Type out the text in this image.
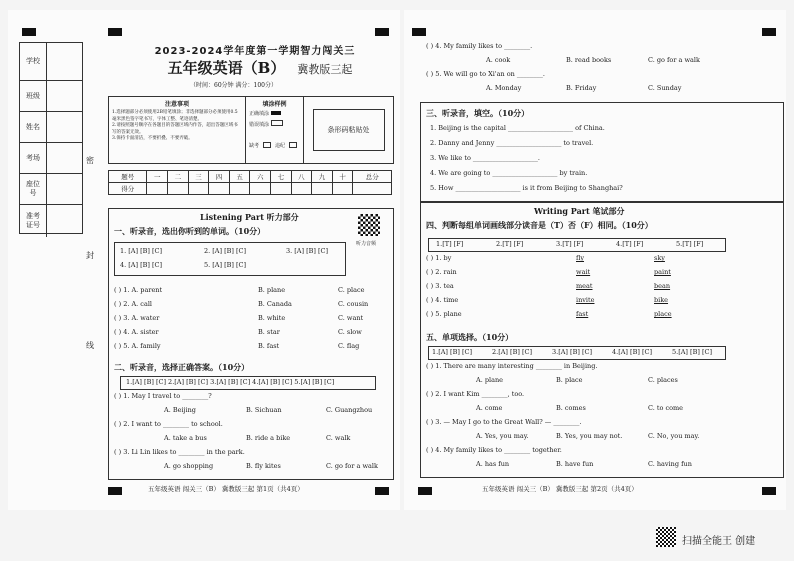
学校
班级
姓名
考场
座位号
准考证号
密
封
线
2023-2024学年度第一学期智力闯关三
五年级英语（B） 冀教版三起
（时间：60分钟 满分：100分）
注意事项
1.选择题部分必须使用2B铅笔填涂；非选择题部分必须使用0.5毫米黑色签字笔书写，字体工整、笔迹清楚。
2.请按照题号顺序在各题目的答题区域内作答，超出答题区域书写的答案无效。
3.保持卡面清洁，不要折叠、不要弄破。
填涂样例
正确填涂
错误填涂
缺考	违纪
条形码粘贴处
题号	一	二	三	四	五	六	七	八	九	十	总分
得分											
Listening Part 听力部分
听力音频
一、听录音，选出你听到的单词。（10分）
1. [A] [B] [C]	2. [A] [B] [C]	3. [A] [B] [C]
4. [A] [B] [C]	5. [A] [B] [C]
( ) 1. A. parent	B. plane	C. place
( ) 2. A. call	B. Canada	C. cousin
( ) 3. A. water	B. white	C. want
( ) 4. A. sister	B. star	C. slow
( ) 5. A. family	B. fast	C. flag
二、听录音，选择正确答案。（10分）
1.[A] [B] [C] 2.[A] [B] [C] 3.[A] [B] [C] 4.[A] [B] [C] 5.[A] [B] [C]
( ) 1. May I travel to ________?
A. Beijing	B. Sichuan	C. Guangzhou
( ) 2. I want to ________ to school.
A. take a bus	B. ride a bike	C. walk
( ) 3. Li Lin likes to ________ in the park.
A. go shopping	B. fly kites	C. go for a walk
五年级英语 闯关三（B） 冀教版三起 第1页（共4页）
( ) 4. My family likes to ________.
A. cook	B. read books	C. go for a walk
( ) 5. We will go to Xi'an on ________.
A. Monday	B. Friday	C. Sunday
三、听录音，填空。（10分）
1. Beijing is the capital ____________________ of China.
2. Danny and Jenny ____________________ to travel.
3. We like to ____________________.
4. We are going to ____________________ by train.
5. How ____________________ is it from Beijing to Shanghai?
Writing Part 笔试部分
四、判断每组单词画线部分读音是（T）否（F）相同。（10分）
1.[T] [F]	2.[T] [F]	3.[T] [F]	4.[T] [F]	5.[T] [F]
( ) 1. by	fly	sky
( ) 2. rain	wait	paint
( ) 3. tea	meat	bean
( ) 4. time	invite	bike
( ) 5. plane	fast	place
五、单项选择。（10分）
1.[A] [B] [C]	2.[A] [B] [C]	3.[A] [B] [C]	4.[A] [B] [C]	5.[A] [B] [C]
( ) 1. There are many interesting ________ in Beijing.
A. plane	B. place	C. places
( ) 2. I want Kim ________, too.
A. come	B. comes	C. to come
( ) 3. — May I go to the Great Wall? — ________.
A. Yes, you may.	B. Yes, you may not.	C. No, you may.
( ) 4. My family likes to ________ together.
A. has fun	B. have fun	C. having fun
五年级英语 闯关三（B） 冀教版三起 第2页（共4页）
扫描全能王 创建
